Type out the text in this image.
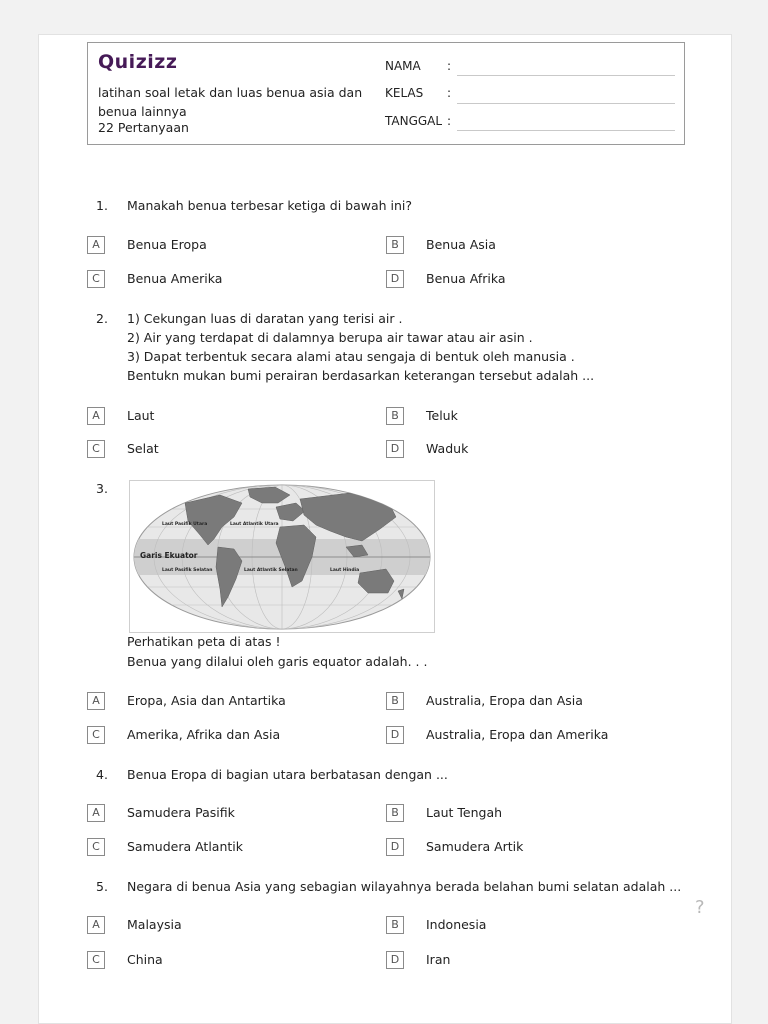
Quizizz
latihan soal letak dan luas benua asia dan benua lainnya
22 Pertanyaan
NAMA :
KELAS :
TANGGAL :
1. Manakah benua terbesar ketiga di bawah ini?
A	Benua Eropa	B	Benua Asia
C	Benua Amerika	D	Benua Afrika
2. 1) Cekungan luas di daratan yang terisi air .
2) Air yang terdapat di dalamnya berupa air tawar atau air asin .
3) Dapat terbentuk secara alami atau sengaja di bentuk oleh manusia .
Bentukn mukan bumi perairan berdasarkan keterangan tersebut adalah ...
A	Laut	B	Teluk
C	Selat	D	Waduk
3.
Garis Ekuator
Laut Pasifik Utara	Laut Atlantik Utara
Laut Pasifik Selatan	Laut Atlantik Selatan	Laut Hindia
Perhatikan peta di atas !
Benua yang dilalui oleh garis equator adalah. . .
A	Eropa, Asia dan Antartika	B	Australia, Eropa dan Asia
C	Amerika, Afrika dan Asia	D	Australia, Eropa dan Amerika
4. Benua Eropa di bagian utara berbatasan dengan ...
A	Samudera Pasifik	B	Laut Tengah
C	Samudera Atlantik	D	Samudera Artik
5. Negara di benua Asia yang sebagian wilayahnya berada belahan bumi selatan adalah ...
A	Malaysia	B	Indonesia
C	China	D	Iran
?
